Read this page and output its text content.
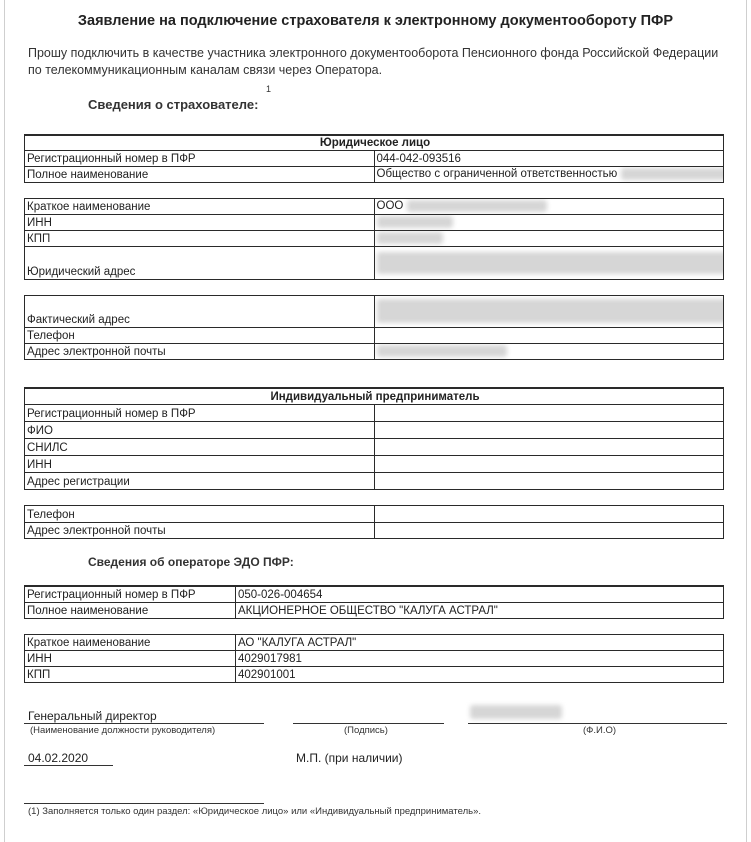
Заявление на подключение страхователя к электронному документообороту ПФР
Прошу подключить в качестве участника электронного документооборота Пенсионного фонда Российской Федерации по телекоммуникационным каналам связи через Оператора.
1
Сведения о страхователе:
Юридическое лицо	
Регистрационный номер в ПФР	044-042-093516
Полное наименование	Общество с ограниченной ответственностью

Краткое наименование	ООО
ИНН	
КПП	
Юридический адрес	

Фактический адрес	
Телефон	
Адрес электронной почты	
Индивидуальный предприниматель	
Регистрационный номер в ПФР	
ФИО	
СНИЛС	
ИНН	
Адрес регистрации	

Телефон	
Адрес электронной почты	
Сведения об операторе ЭДО ПФР:
Регистрационный номер в ПФР	050-026-004654
Полное наименование	АКЦИОНЕРНОЕ ОБЩЕСТВО "КАЛУГА АСТРАЛ"

Краткое наименование	АО "КАЛУГА АСТРАЛ"
ИНН	4029017981
КПП	402901001
Генеральный директор
(Наименование должности руководителя)	(Подпись)	(Ф.И.О)
04.02.2020	М.П. (при наличии)
(1) Заполняется только один раздел: «Юридическое лицо» или «Индивидуальный предприниматель».
